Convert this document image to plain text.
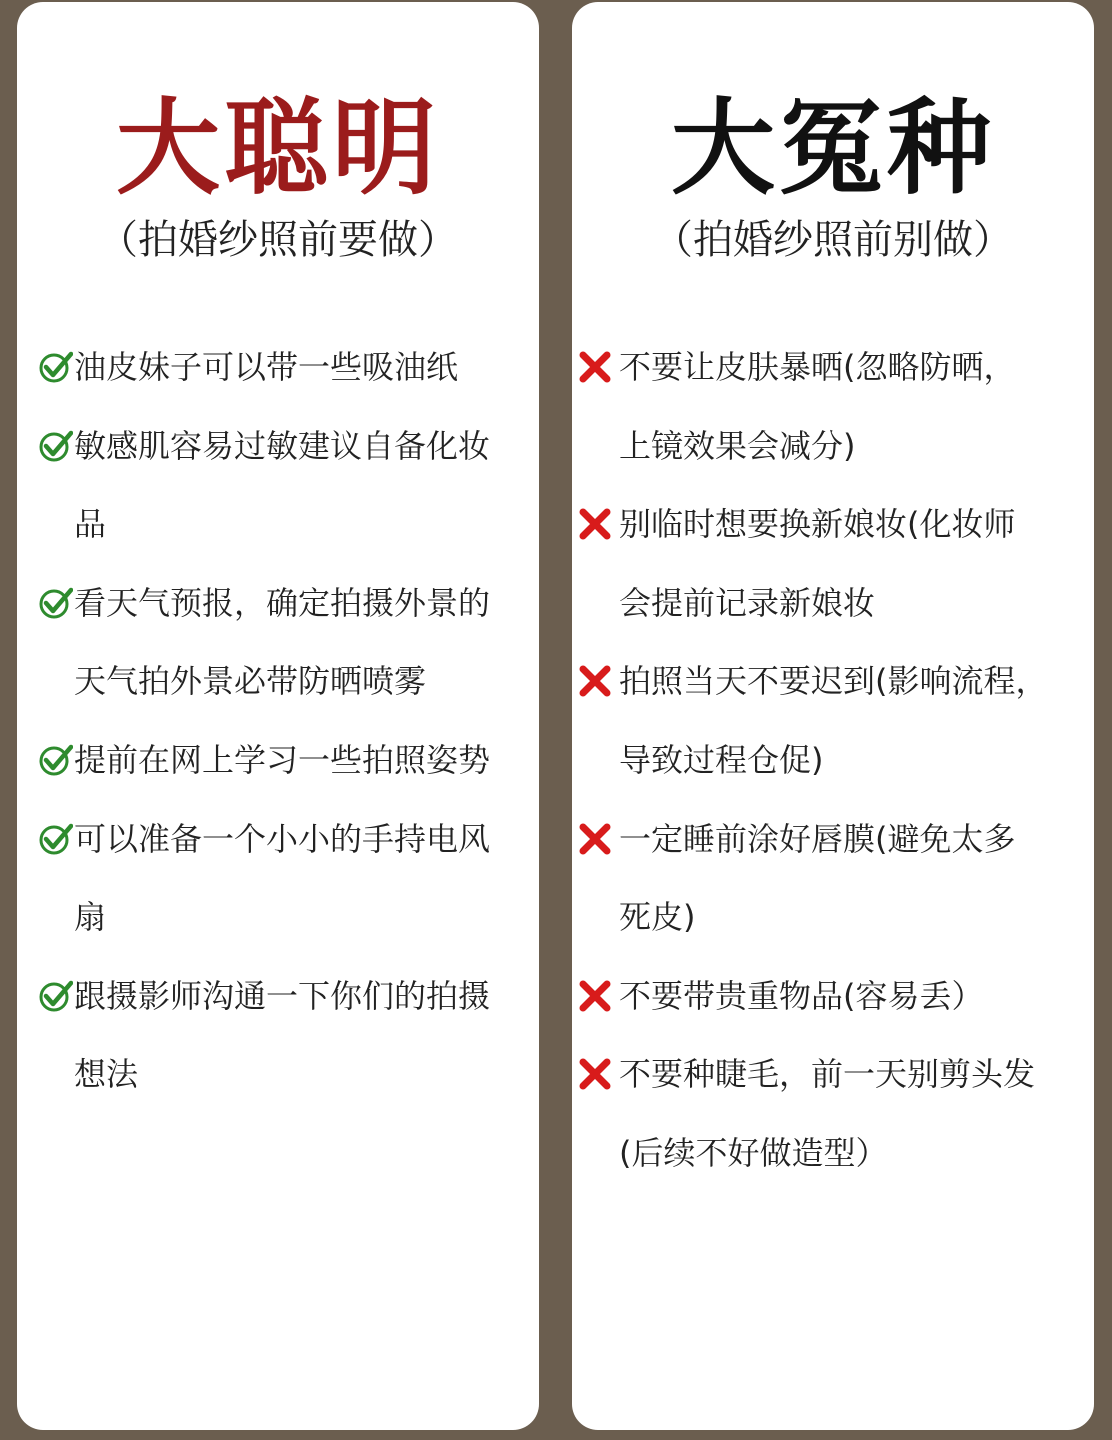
大聪明
（拍婚纱照前要做）
油皮妹子可以带一些吸油纸
敏感肌容易过敏建议自备化妆
品
看天气预报，确定拍摄外景的
天气拍外景必带防晒喷雾
提前在网上学习一些拍照姿势
可以准备一个小小的手持电风
扇
跟摄影师沟通一下你们的拍摄
想法
大冤种
（拍婚纱照前别做）
不要让皮肤暴晒(忽略防晒，
上镜效果会减分)
别临时想要换新娘妆(化妆师
会提前记录新娘妆
拍照当天不要迟到(影响流程，
导致过程仓促)
一定睡前涂好唇膜(避免太多
死皮)
不要带贵重物品(容易丢）
不要种睫毛，前一天别剪头发
(后续不好做造型）
